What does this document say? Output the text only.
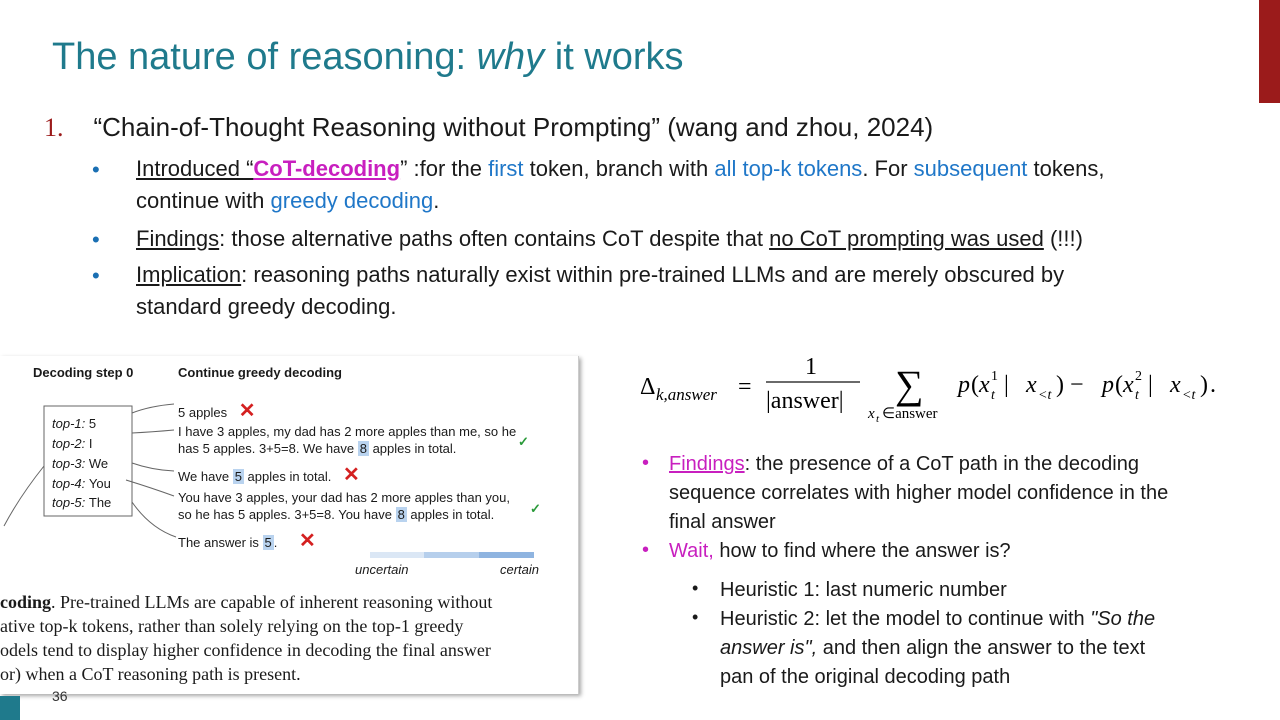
The nature of reasoning: why it works
1. “Chain-of-Thought Reasoning without Prompting” (wang and zhou, 2024)
• Introduced “CoT-decoding” :for the first token, branch with all top-k tokens. For subsequent tokens,
continue with greedy decoding.
• Findings: those alternative paths often contains CoT despite that no CoT prompting was used (!!!)
• Implication: reasoning paths naturally exist within pre-trained LLMs and are merely obscured by
standard greedy decoding.
Decoding step 0	Continue greedy decoding
top-1: 5
top-2: I
top-3: We
top-4: You
top-5: The
5 apples ✕
I have 3 apples, my dad has 2 more apples than me, so he
has 5 apples. 3+5=8. We have 8 apples in total.	✓
We have 5 apples in total. ✕
You have 3 apples, your dad has 2 more apples than you,
so he has 5 apples. 3+5=8. You have 8 apples in total.	✓
The answer is 5 . ✕
uncertain	certain
coding. Pre-trained LLMs are capable of inherent reasoning without
ative top-k tokens, rather than solely relying on the top-1 greedy
odels tend to display higher confidence in decoding the final answer
or) when a CoT reasoning path is present.
36
Δ k,answer =
1
|answer| ∑
x t ∈answer
p ( x 1
t | x <t ) − p ( x 2
t | x <t ) .
• Findings: the presence of a CoT path in the decoding
sequence correlates with higher model confidence in the
final answer
• Wait, how to find where the answer is?
• Heuristic 1: last numeric number
• Heuristic 2: let the model to continue with "So the
answer is", and then align the answer to the text
pan of the original decoding path
